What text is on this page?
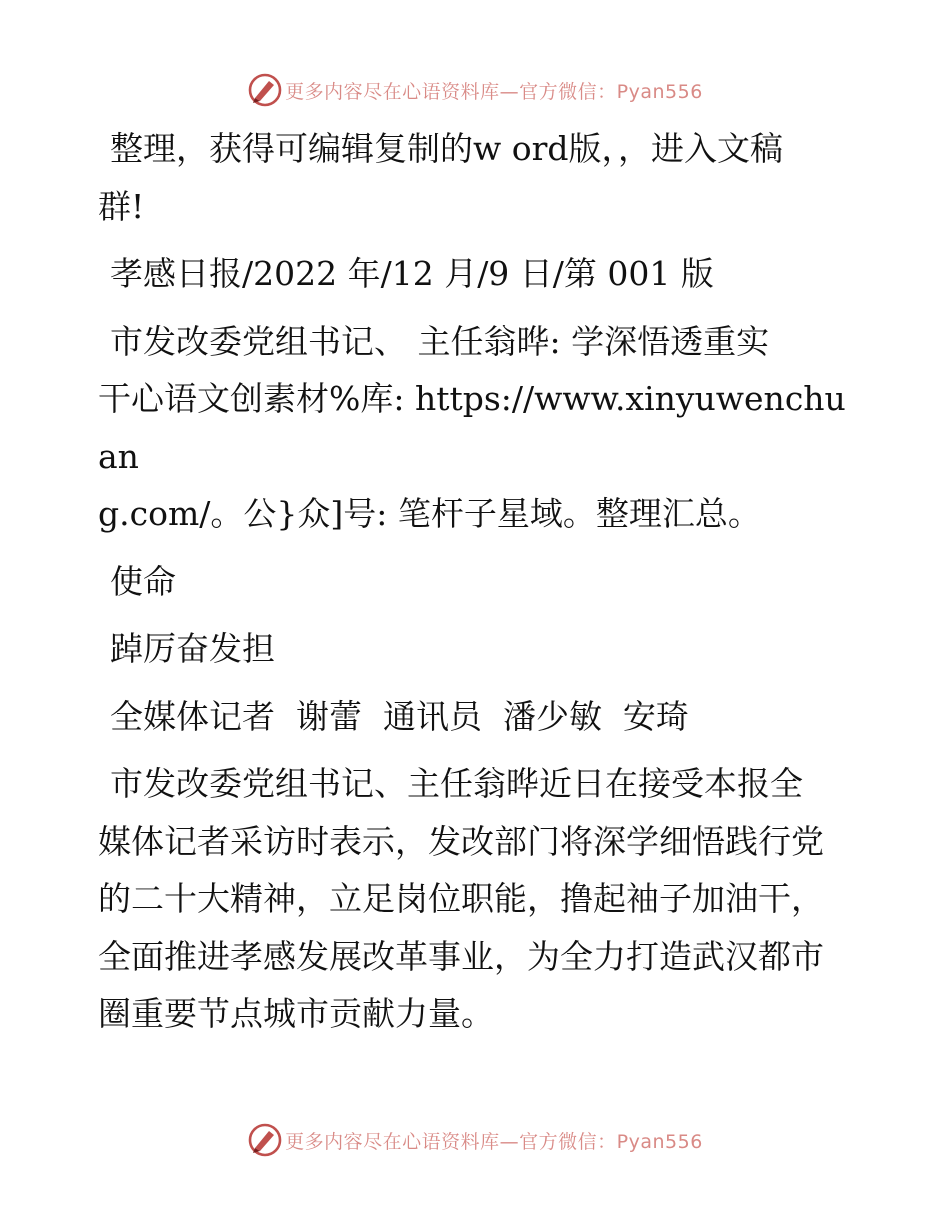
更多内容尽在心语资料库—官方微信：Pyan556

整理，获得可编辑复制的w ord版，，进入文稿
群!

孝感日报/2022 年/12 月/9 日/第 001 版

市发改委党组书记、 主任翁晔: 学深悟透重实
干心语文创素材%库: https://www.xinyuwenchuan
g.com/。公}众]号: 笔杆子星域。整理汇总。

使命

踔厉奋发担

全媒体记者  谢蕾  通讯员  潘少敏  安琦

市发改委党组书记、主任翁晔近日在接受本报全
媒体记者采访时表示，发改部门将深学细悟践行党
的二十大精神，立足岗位职能，撸起袖子加油干，
全面推进孝感发展改革事业，为全力打造武汉都市
圈重要节点城市贡献力量。

更多内容尽在心语资料库—官方微信：Pyan556
